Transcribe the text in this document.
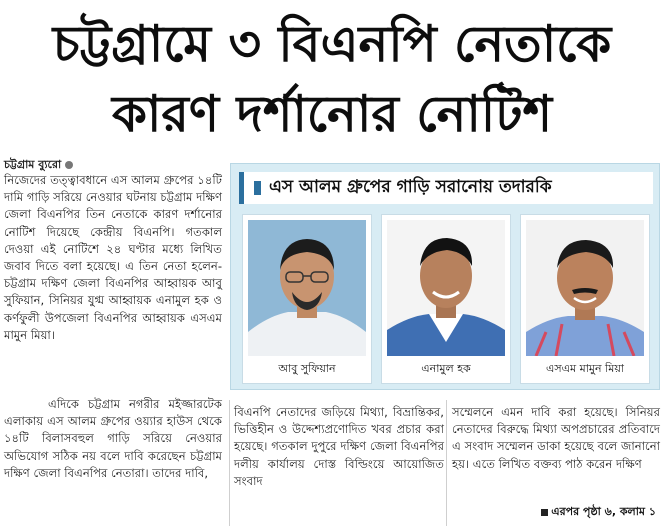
চট্টগ্রামে ৩ বিএনপি নেতাকে
কারণ দর্শানোর নোটিশ
চট্টগ্রাম ব্যুরো

নিজেদের তত্ত্বাবধানে এস আলম গ্রুপের ১৪টি দামি গাড়ি সরিয়ে নেওয়ার ঘটনায় চট্টগ্রাম দক্ষিণ জেলা বিএনপির তিন নেতাকে কারণ দর্শানোর নোটিশ দিয়েছে কেন্দ্রীয় বিএনপি। গতকাল দেওয়া এই নোটিশে ২৪ ঘণ্টার মধ্যে লিখিত জবাব দিতে বলা হয়েছে। এ তিন নেতা হলেন- চট্টগ্রাম দক্ষিণ জেলা বিএনপির আহ্বায়ক আবু সুফিয়ান, সিনিয়র যুগ্ম আহ্বায়ক এনামুল হক ও কর্ণফুলী উপজেলা বিএনপির আহ্বায়ক এসএম মামুন মিয়া।

এস আলম গ্রুপের গাড়ি সরানোয় তদারকি
আবু সুফিয়ান	এনামুল হক	এসএম মামুন মিয়া

এদিকে চট্টগ্রাম নগরীর মইজ্জারটেক এলাকায় এস আলম গ্রুপের ওয়্যার হাউস থেকে ১৪টি বিলাসবহুল গাড়ি সরিয়ে নেওয়ার অভিযোগ সঠিক নয় বলে দাবি করেছেন চট্টগ্রাম দক্ষিণ জেলা বিএনপির নেতারা। তাদের দাবি,

বিএনপি নেতাদের জড়িয়ে মিথ্যা, বিভ্রান্তিকর, ভিত্তিহীন ও উদ্দেশ্যপ্রণোদিত খবর প্রচার করা হয়েছে। গতকাল দুপুরে দক্ষিণ জেলা বিএনপির দলীয় কার্যালয় দোস্ত বিল্ডিংয়ে আয়োজিত সংবাদ
সম্মেলনে এমন দাবি করা হয়েছে। সিনিয়র নেতাদের বিরুদ্ধে মিথ্যা অপপ্রচারের প্রতিবাদে এ সংবাদ সম্মেলন ডাকা হয়েছে বলে জানানো হয়। এতে লিখিত বক্তব্য পাঠ করেন দক্ষিণ
এরপর পৃষ্ঠা ৬, কলাম ১
